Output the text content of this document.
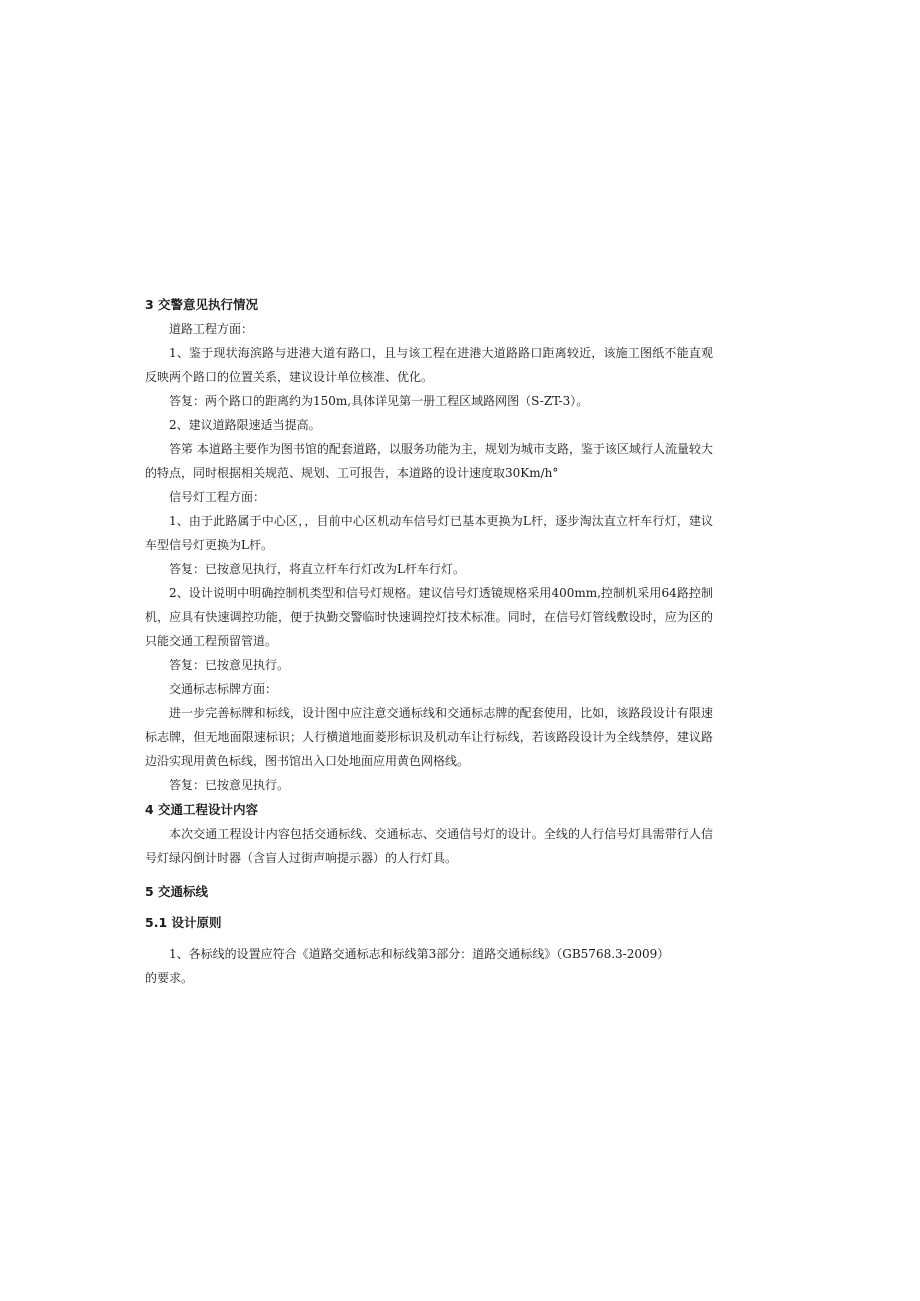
3 交警意见执行情况

道路工程方面：

1、鉴于现状海滨路与进港大道有路口，且与该工程在进港大道路路口距离较近，该施工图纸不能直观反映两个路口的位置关系，建议设计单位核准、优化。

答复：两个路口的距离约为150m,具体详见第一册工程区域路网图（S-ZT-3）。

2、建议道路限速适当提高。

答笫 本道路主要作为图书馆的配套道路，以服务功能为主，规划为城市支路，鉴于该区域行人流量较大的特点，同时根据相关规范、规划、工可报告，本道路的设计速度取30Km∕h°

信号灯工程方面：

1、由于此路属于中心区，，目前中心区机动车信号灯已基本更换为L杆，逐步淘汰直立杆车行灯，建议车型信号灯更换为L杆。

答复：已按意见执行，将直立杆车行灯改为L杆车行灯。

2、设计说明中明确控制机类型和信号灯规格。建议信号灯透镜规格采用400mm,控制机采用64路控制机，应具有快速调控功能，便于执勤交警临时快速调控灯技术标准。同时，在信号灯管线敷设时，应为区的只能交通工程预留管道。

答复：已按意见执行。

交通标志标牌方面：

进一步完善标牌和标线，设计图中应注意交通标线和交通标志牌的配套使用，比如，该路段设计有限速标志牌，但无地面限速标识；人行横道地面菱形标识及机动车让行标线，若该路段设计为全线禁停，建议路边沿实现用黄色标线，图书馆出入口处地面应用黄色网格线。

答复：已按意见执行。

4 交通工程设计内容

本次交通工程设计内容包括交通标线、交通标志、交通信号灯的设计。全线的人行信号灯具需带行人信号灯绿闪倒计时器（含盲人过街声响提示器）的人行灯具。

5 交通标线

5.1 设计原则

1、各标线的设置应符合《道路交通标志和标线第3部分：道路交通标线》（GB5768.3-2009）

的要求。
